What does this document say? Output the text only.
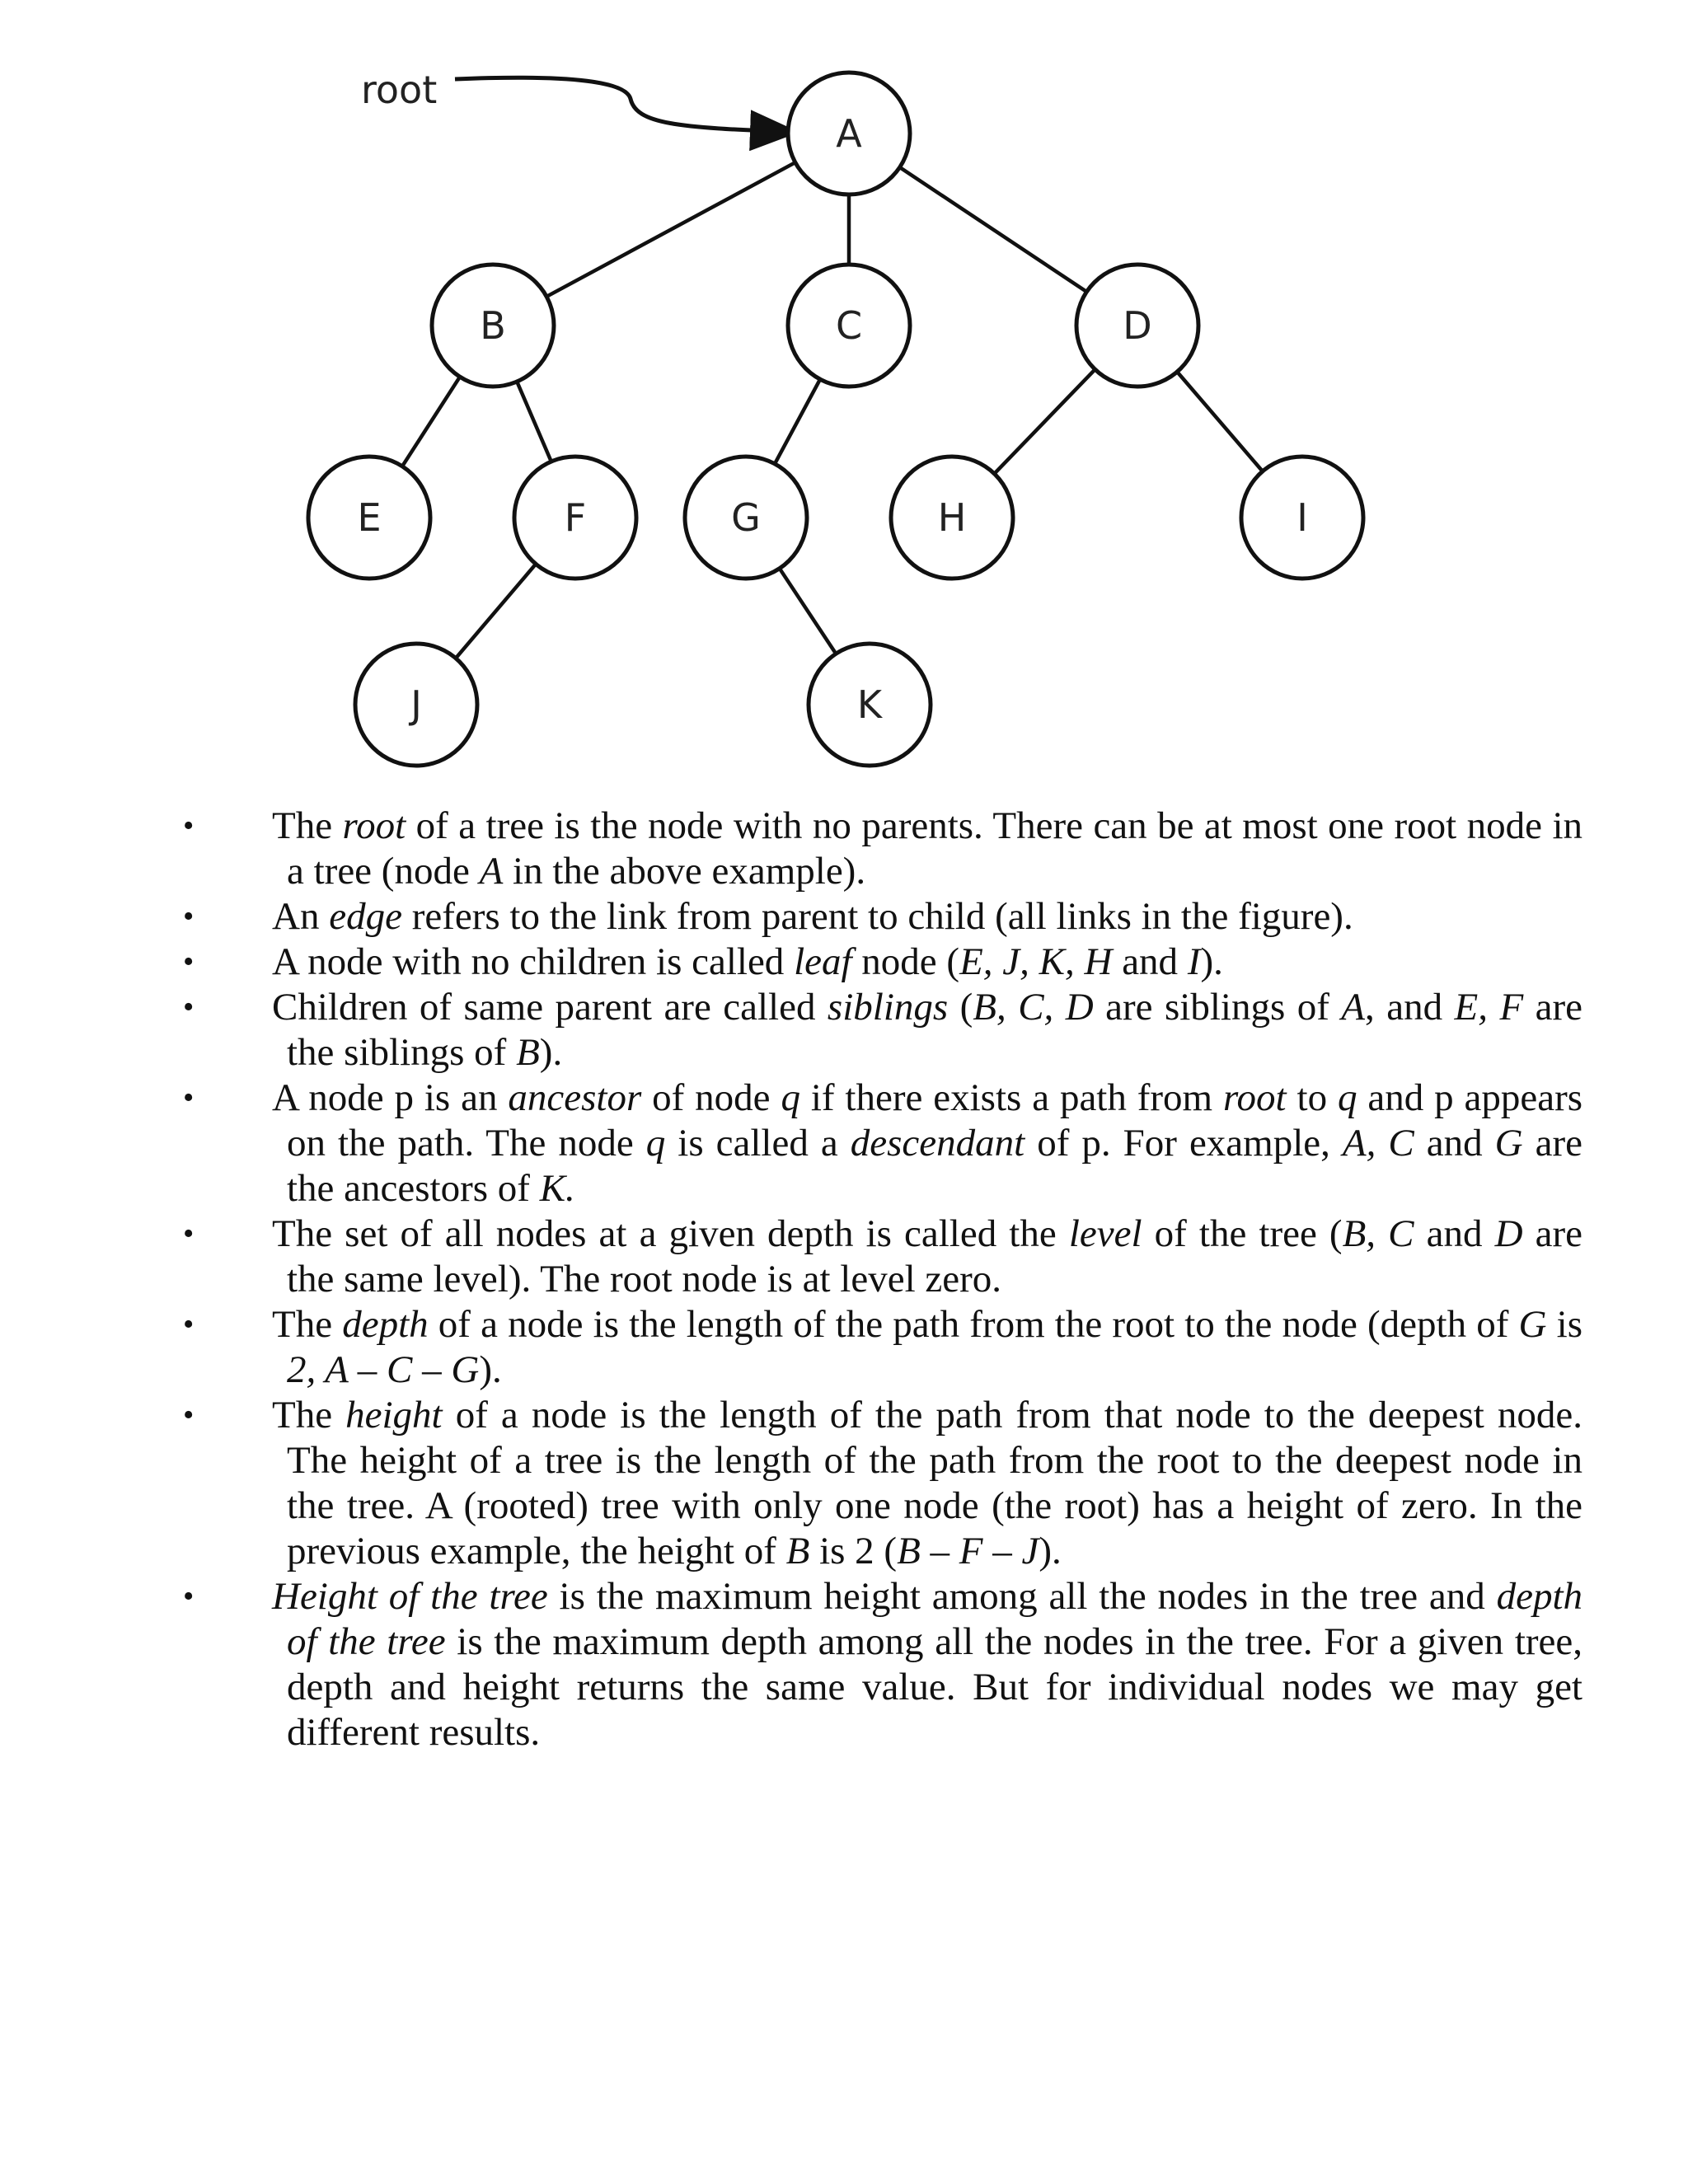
root
A
B	C	D
E	F	G	H	I
J	K
• The root of a tree is the node with no parents. There can be at most one root node in a tree (node A in the above example).
• An edge refers to the link from parent to child (all links in the figure).
• A node with no children is called leaf node (E, J, K, H and I).
• Children of same parent are called siblings (B, C, D are siblings of A, and E, F are the siblings of B).
• A node p is an ancestor of node q if there exists a path from root to q and p appears on the path. The node q is called a descendant of p. For example, A, C and G are the ancestors of K.
• The set of all nodes at a given depth is called the level of the tree (B, C and D are the same level). The root node is at level zero.
• The depth of a node is the length of the path from the root to the node (depth of G is 2, A – C – G).
• The height of a node is the length of the path from that node to the deepest node. The height of a tree is the length of the path from the root to the deepest node in the tree. A (rooted) tree with only one node (the root) has a height of zero. In the previous example, the height of B is 2 (B – F – J).
• Height of the tree is the maximum height among all the nodes in the tree and depth of the tree is the maximum depth among all the nodes in the tree. For a given tree, depth and height returns the same value. But for individual nodes we may get different results.
